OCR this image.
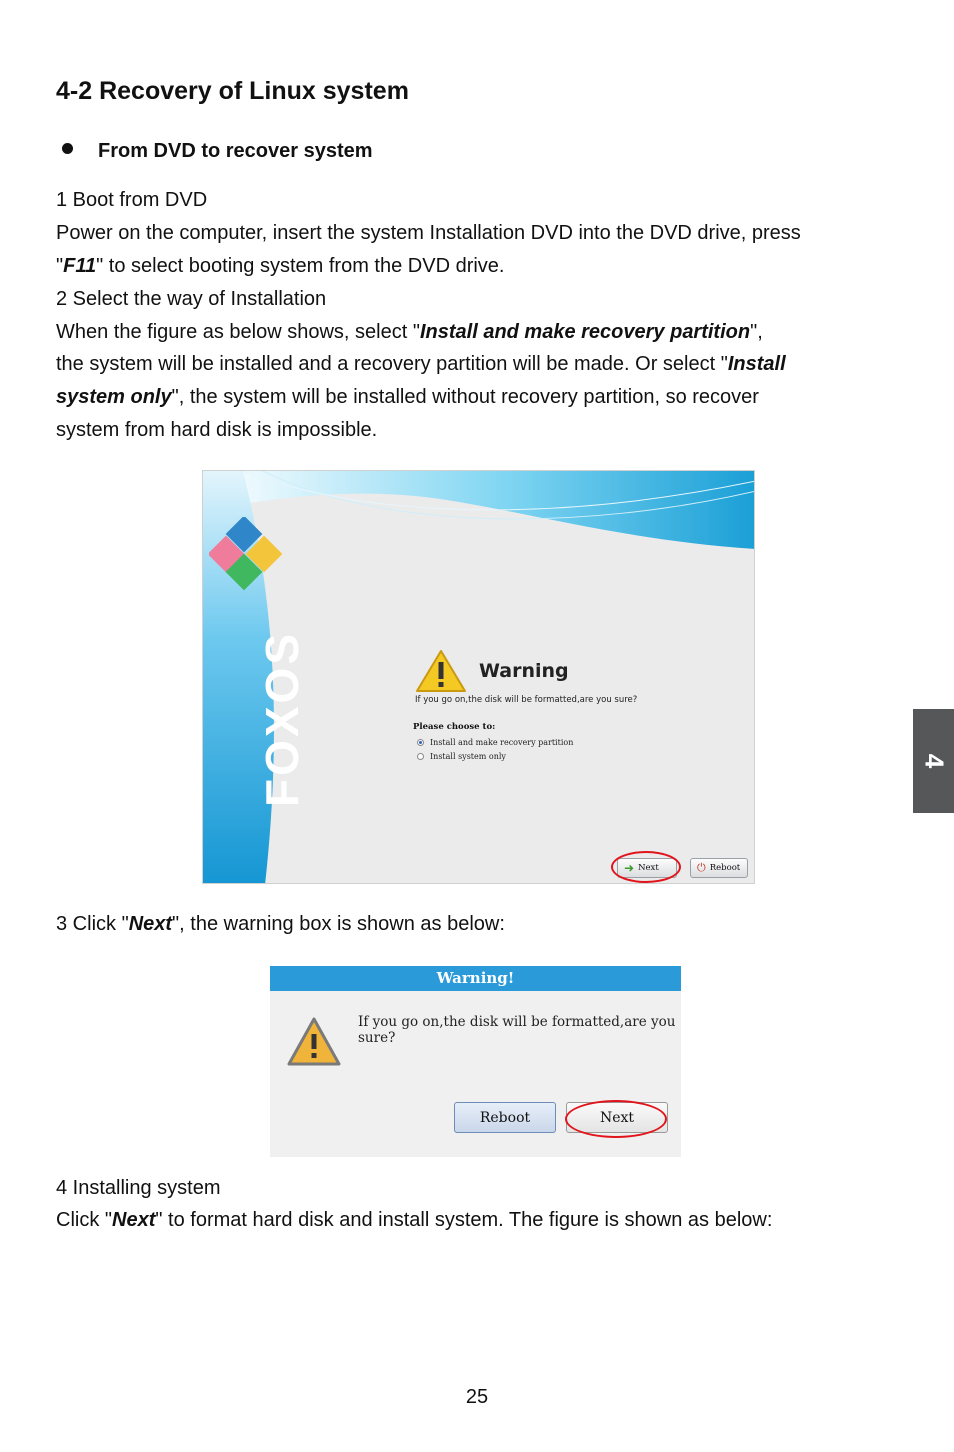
4-2 Recovery of Linux system
From DVD to recover system
1 Boot from DVD
Power on the computer, insert the system Installation DVD into the DVD drive, press
"F11" to select booting system from the DVD drive.
2 Select the way of Installation
When the figure as below shows, select "Install and make recovery partition",
the system will be installed and a recovery partition will be made. Or select "Install
system only", the system will be installed without recovery partition, so recover
system from hard disk is impossible.
FOXOS	Warning
If you go on,the disk will be formatted,are you sure?
Please choose to:
Install and make recovery partition
Install system only
➜ Next	⏻ Reboot
3 Click "Next", the warning box is shown as below:
Warning!
If you go on,the disk will be formatted,are you sure?
Reboot	Next
4 Installing system
Click "Next" to format hard disk and install system. The figure is shown as below:
4
25
